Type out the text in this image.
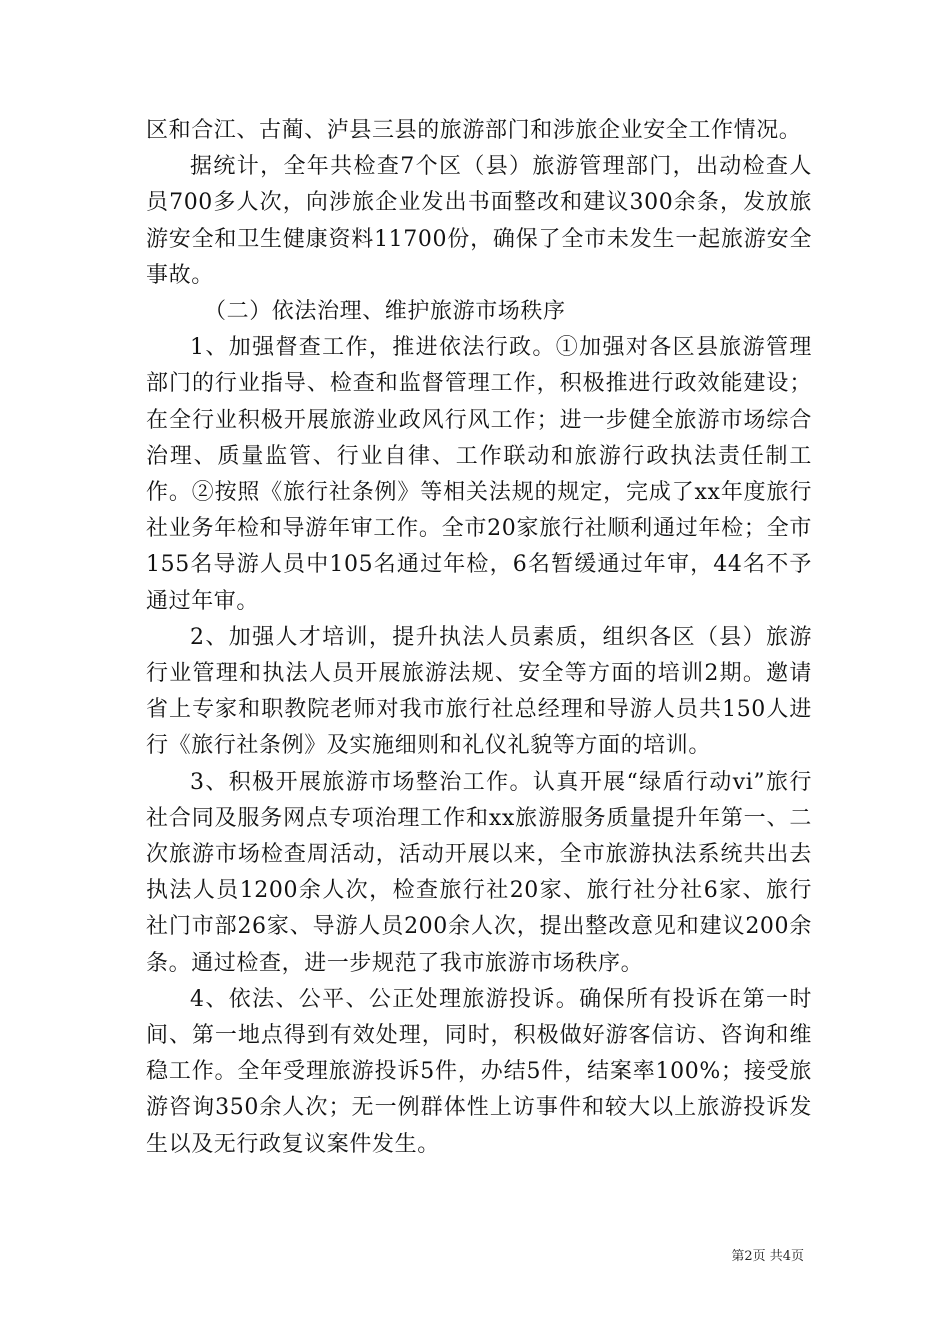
区和合江、古蔺、泸县三县的旅游部门和涉旅企业安全工作情况。

据统计，全年共检查7个区（县）旅游管理部门，出动检查人员700多人次，向涉旅企业发出书面整改和建议300余条，发放旅游安全和卫生健康资料11700份，确保了全市未发生一起旅游安全事故。

（二）依法治理、维护旅游市场秩序

1、加强督查工作，推进依法行政。①加强对各区县旅游管理部门的行业指导、检查和监督管理工作，积极推进行政效能建设；在全行业积极开展旅游业政风行风工作；进一步健全旅游市场综合治理、质量监管、行业自律、工作联动和旅游行政执法责任制工作。②按照《旅行社条例》等相关法规的规定，完成了xx年度旅行社业务年检和导游年审工作。全市20家旅行社顺利通过年检；全市155名导游人员中105名通过年检，6名暂缓通过年审，44名不予通过年审。

2、加强人才培训，提升执法人员素质，组织各区（县）旅游行业管理和执法人员开展旅游法规、安全等方面的培训2期。邀请省上专家和职教院老师对我市旅行社总经理和导游人员共150人进行《旅行社条例》及实施细则和礼仪礼貌等方面的培训。

3、积极开展旅游市场整治工作。认真开展“绿盾行动vi”旅行社合同及服务网点专项治理工作和xx旅游服务质量提升年第一、二次旅游市场检查周活动，活动开展以来，全市旅游执法系统共出去执法人员1200余人次，检查旅行社20家、旅行社分社6家、旅行社门市部26家、导游人员200余人次，提出整改意见和建议200余条。通过检查，进一步规范了我市旅游市场秩序。

4、依法、公平、公正处理旅游投诉。确保所有投诉在第一时间、第一地点得到有效处理，同时，积极做好游客信访、咨询和维稳工作。全年受理旅游投诉5件，办结5件，结案率100%；接受旅游咨询350余人次；无一例群体性上访事件和较大以上旅游投诉发生以及无行政复议案件发生。

第2页 共4页
